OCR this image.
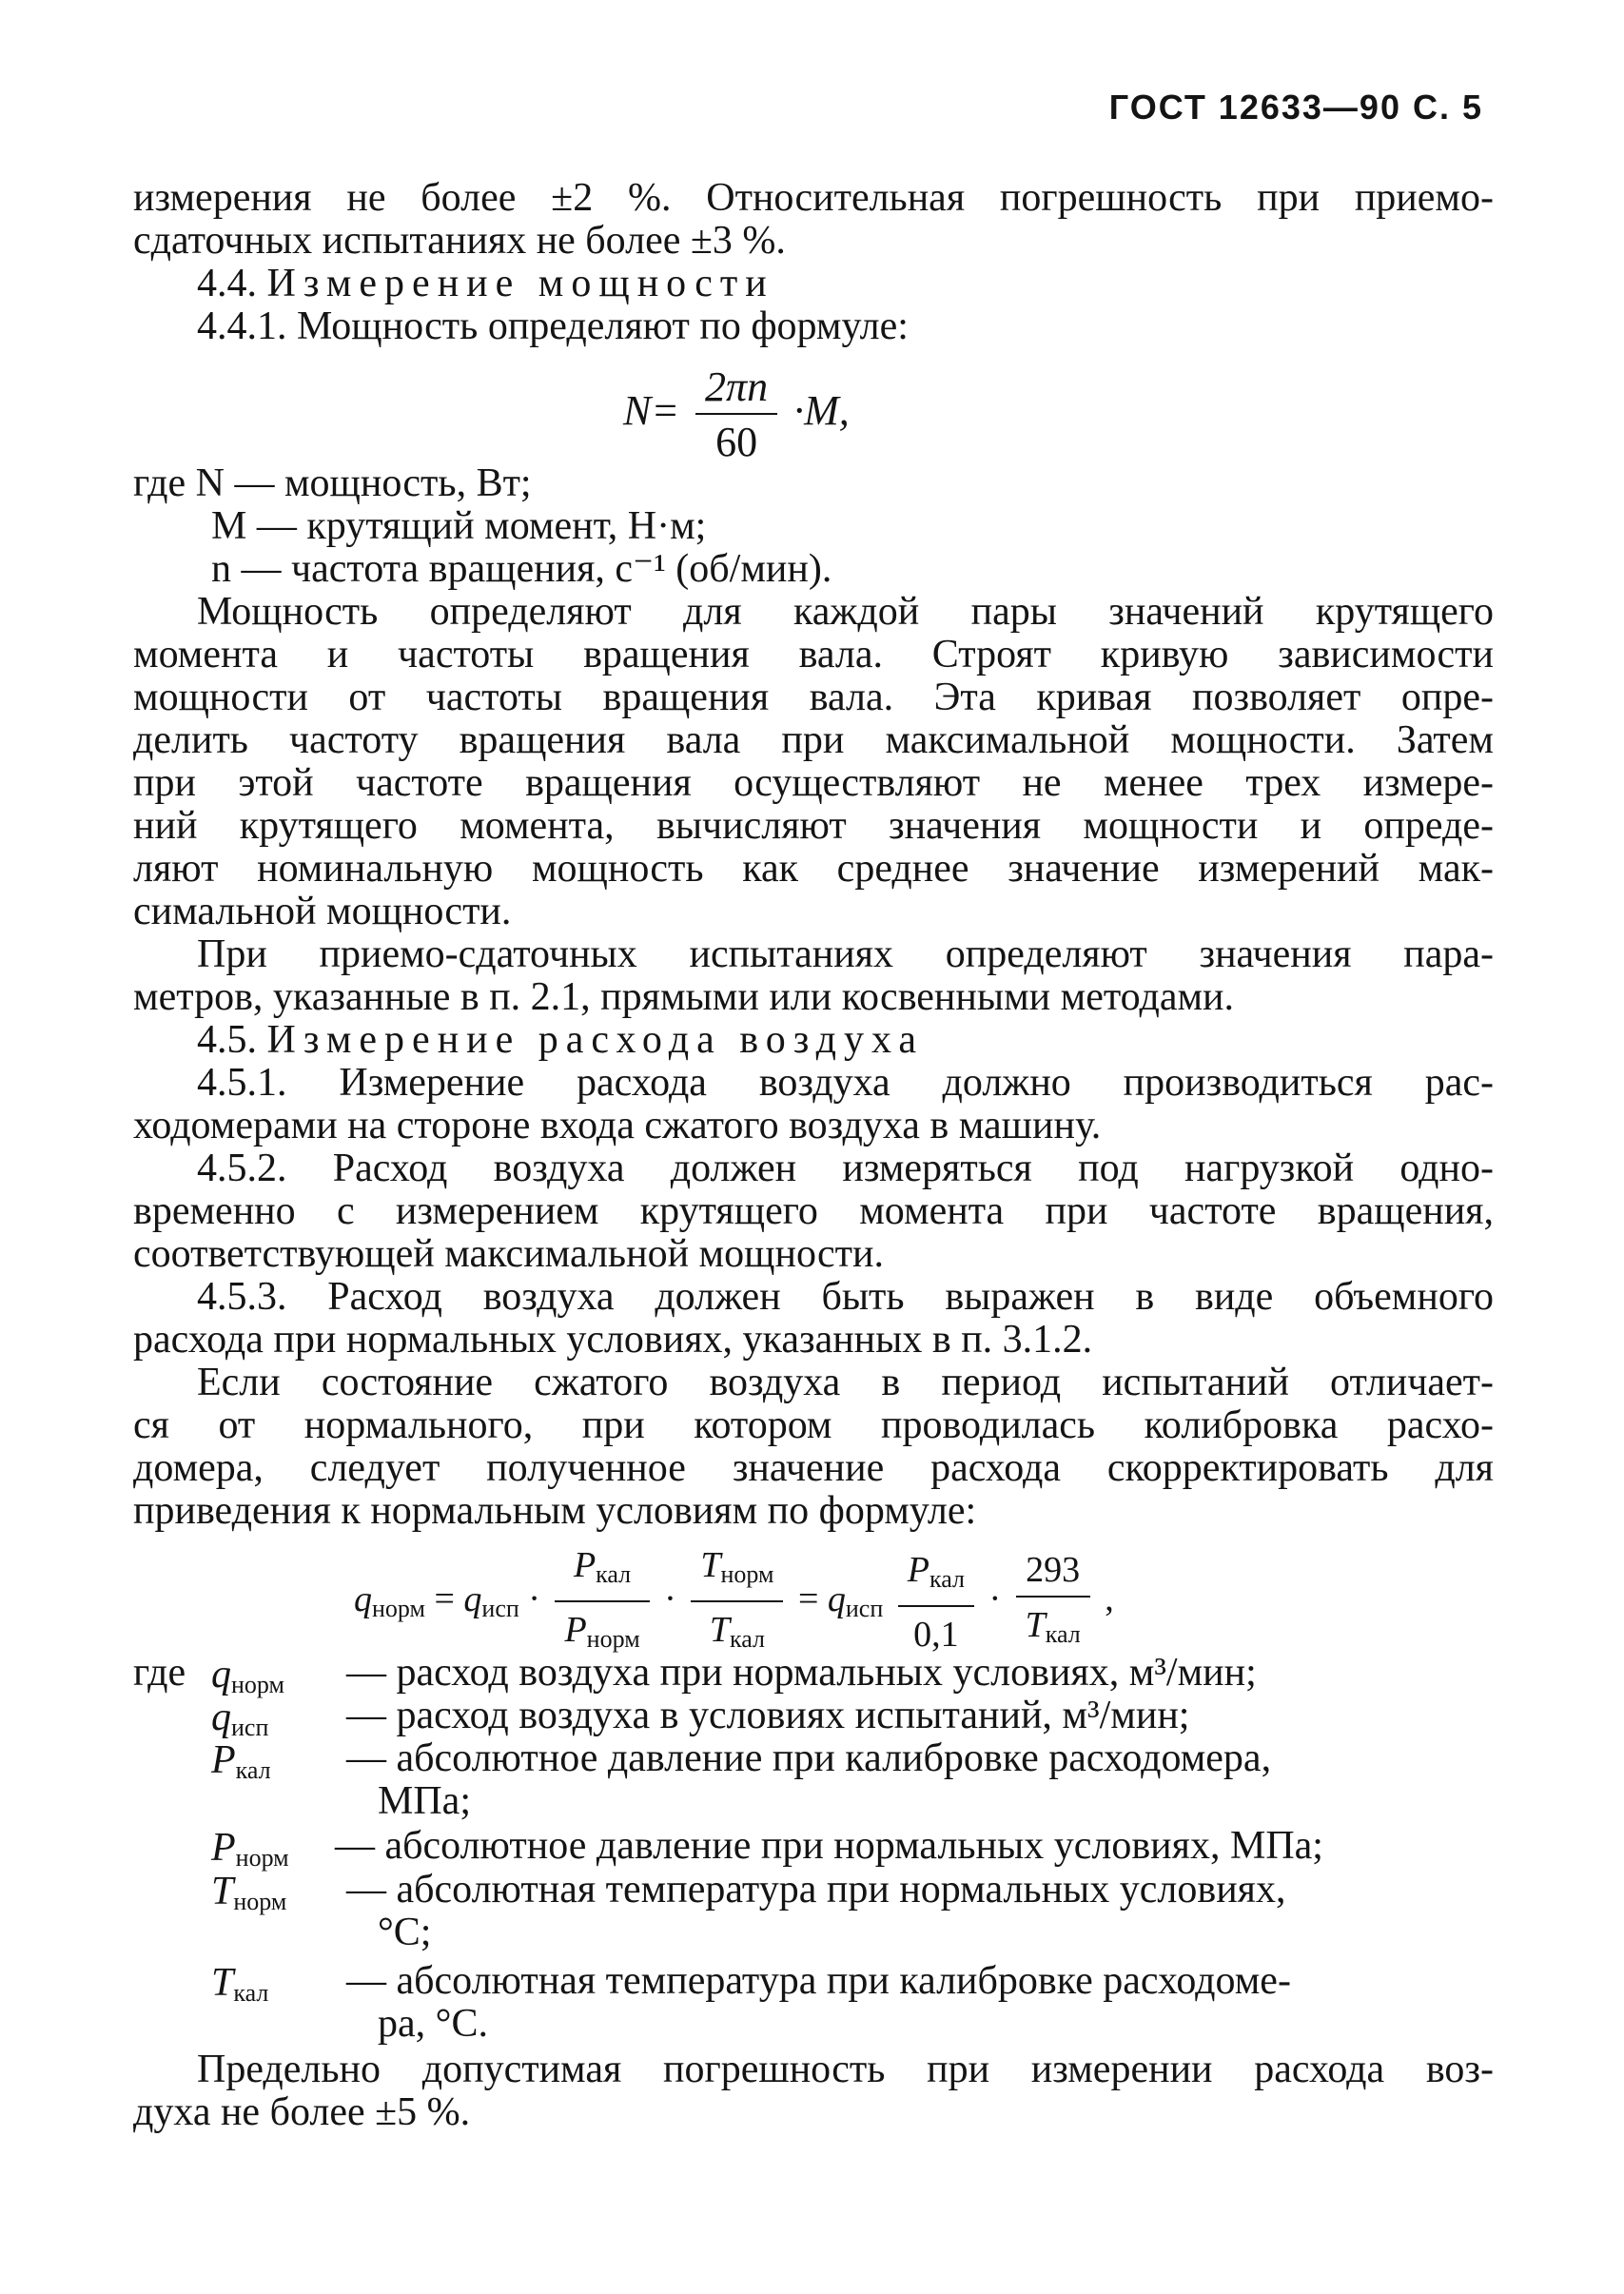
ГОСТ 12633—90 С. 5
измерения не более ±2 %. Относительная погрешность при приемо-
сдаточных испытаниях не более ±3 %.
4.4. Измерение мощности
4.4.1. Мощность определяют по формуле:
$N= \frac{2\pi n}{60} \cdot M$,
где N — мощность, Вт;
M — крутящий момент, Н·м;
n — частота вращения, с⁻¹ (об/мин).
Мощность определяют для каждой пары значений крутящего
момента и частоты вращения вала. Строят кривую зависимости
мощности от частоты вращения вала. Эта кривая позволяет опре-
делить частоту вращения вала при максимальной мощности. Затем
при этой частоте вращения осуществляют не менее трех измере-
ний крутящего момента, вычисляют значения мощности и опреде-
ляют номинальную мощность как среднее значение измерений мак-
симальной мощности.
При приемо-сдаточных испытаниях определяют значения пара-
метров, указанные в п. 2.1, прямыми или косвенными методами.
4.5. Измерение расхода воздуха
4.5.1. Измерение расхода воздуха должно производиться рас-
ходомерами на стороне входа сжатого воздуха в машину.
4.5.2. Расход воздуха должен измеряться под нагрузкой одно-
временно с измерением крутящего момента при частоте вращения,
соответствующей максимальной мощности.
4.5.3. Расход воздуха должен быть выражен в виде объемного
расхода при нормальных условиях, указанных в п. 3.1.2.
Если состояние сжатого воздуха в период испытаний отличает-
ся от нормального, при котором проводилась колибровка расхо-
домера, следует полученное значение расхода скорректировать для
приведения к нормальным условиям по формуле:
$q_{норм} = q_{исп} \cdot \frac{P_{кал}}{P_{норм}} \cdot \frac{T_{норм}}{T_{кал}} = q_{исп} \frac{P_{кал}}{0,1} \cdot \frac{293}{T_{кал}}$ ,
где $q_{норм}$ — расход воздуха при нормальных условиях, м³/мин;
$q_{исп}$ — расход воздуха в условиях испытаний, м³/мин;
$P_{кал}$ — абсолютное давление при калибровке расходомера,
МПа;
$P_{норм}$ — абсолютное давление при нормальных условиях, МПа;
$T_{норм}$ — абсолютная температура при нормальных условиях,
°С;
$T_{кал}$ — абсолютная температура при калибровке расходоме-
ра, °С.
Предельно допустимая погрешность при измерении расхода воз-
духа не более ±5 %.
